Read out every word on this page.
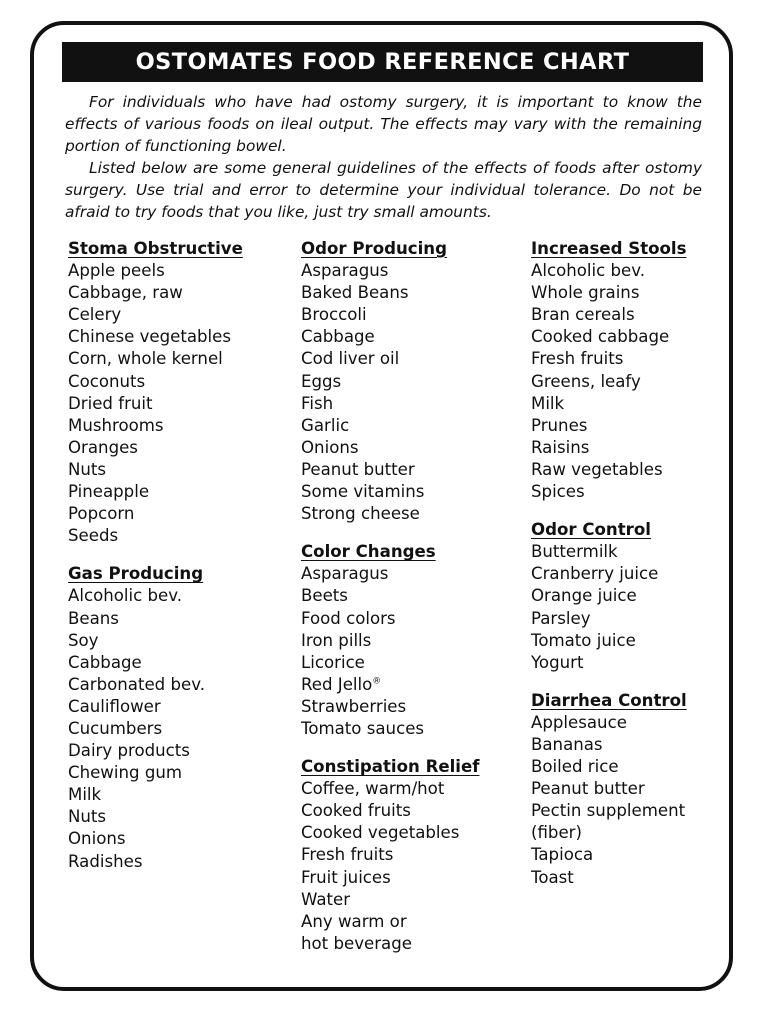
OSTOMATES FOOD REFERENCE CHART

For individuals who have had ostomy surgery, it is important to know the effects of various foods on ileal output. The effects may vary with the remaining portion of functioning bowel.

Listed below are some general guidelines of the effects of foods after ostomy surgery. Use trial and error to determine your individual tolerance. Do not be afraid to try foods that you like, just try small amounts.

Stoma Obstructive
Apple peels
Cabbage, raw
Celery
Chinese vegetables
Corn, whole kernel
Coconuts
Dried fruit
Mushrooms
Oranges
Nuts
Pineapple
Popcorn
Seeds
Gas Producing
Alcoholic bev.
Beans
Soy
Cabbage
Carbonated bev.
Cauliflower
Cucumbers
Dairy products
Chewing gum
Milk
Nuts
Onions
Radishes
Odor Producing
Asparagus
Baked Beans
Broccoli
Cabbage
Cod liver oil
Eggs
Fish
Garlic
Onions
Peanut butter
Some vitamins
Strong cheese
Color Changes
Asparagus
Beets
Food colors
Iron pills
Licorice
Red Jello®
Strawberries
Tomato sauces
Constipation Relief
Coffee, warm/hot
Cooked fruits
Cooked vegetables
Fresh fruits
Fruit juices
Water
Any warm or
hot beverage
Increased Stools
Alcoholic bev.
Whole grains
Bran cereals
Cooked cabbage
Fresh fruits
Greens, leafy
Milk
Prunes
Raisins
Raw vegetables
Spices
Odor Control
Buttermilk
Cranberry juice
Orange juice
Parsley
Tomato juice
Yogurt
Diarrhea Control
Applesauce
Bananas
Boiled rice
Peanut butter
Pectin supplement
(fiber)
Tapioca
Toast
